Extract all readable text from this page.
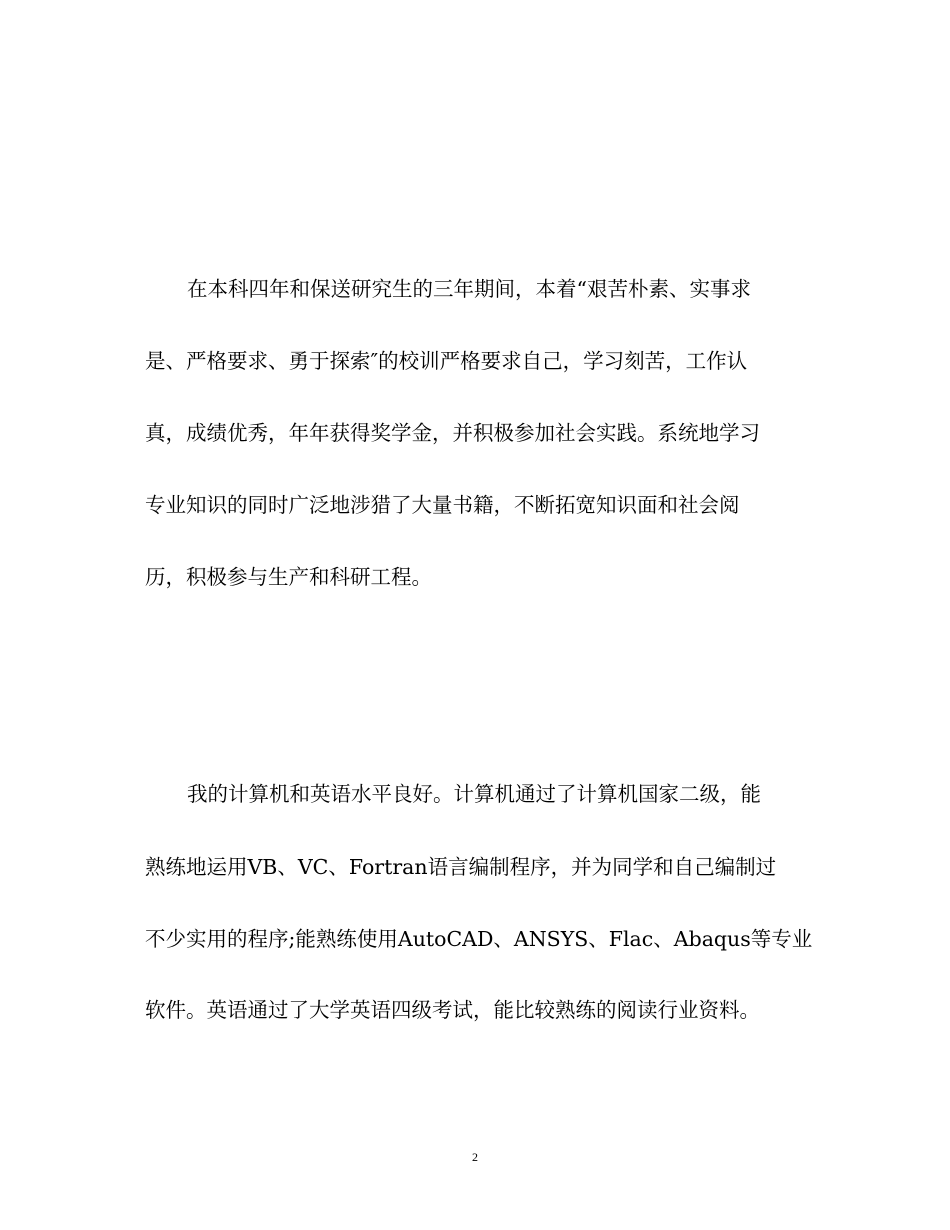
在本科四年和保送研究生的三年期间，本着“艰苦朴素、实事求
是、严格要求、勇于探索″的校训严格要求自己，学习刻苦，工作认
真，成绩优秀，年年获得奖学金，并积极参加社会实践。系统地学习
专业知识的同时广泛地涉猎了大量书籍，不断拓宽知识面和社会阅
历，积极参与生产和科研工程。
我的计算机和英语水平良好。计算机通过了计算机国家二级，能
熟练地运用VB、VC、Fortran语言编制程序，并为同学和自己编制过
不少实用的程序;能熟练使用AutoCAD、ANSYS、Flac、Abaqus等专业
软件。英语通过了大学英语四级考试，能比较熟练的阅读行业资料。
2
